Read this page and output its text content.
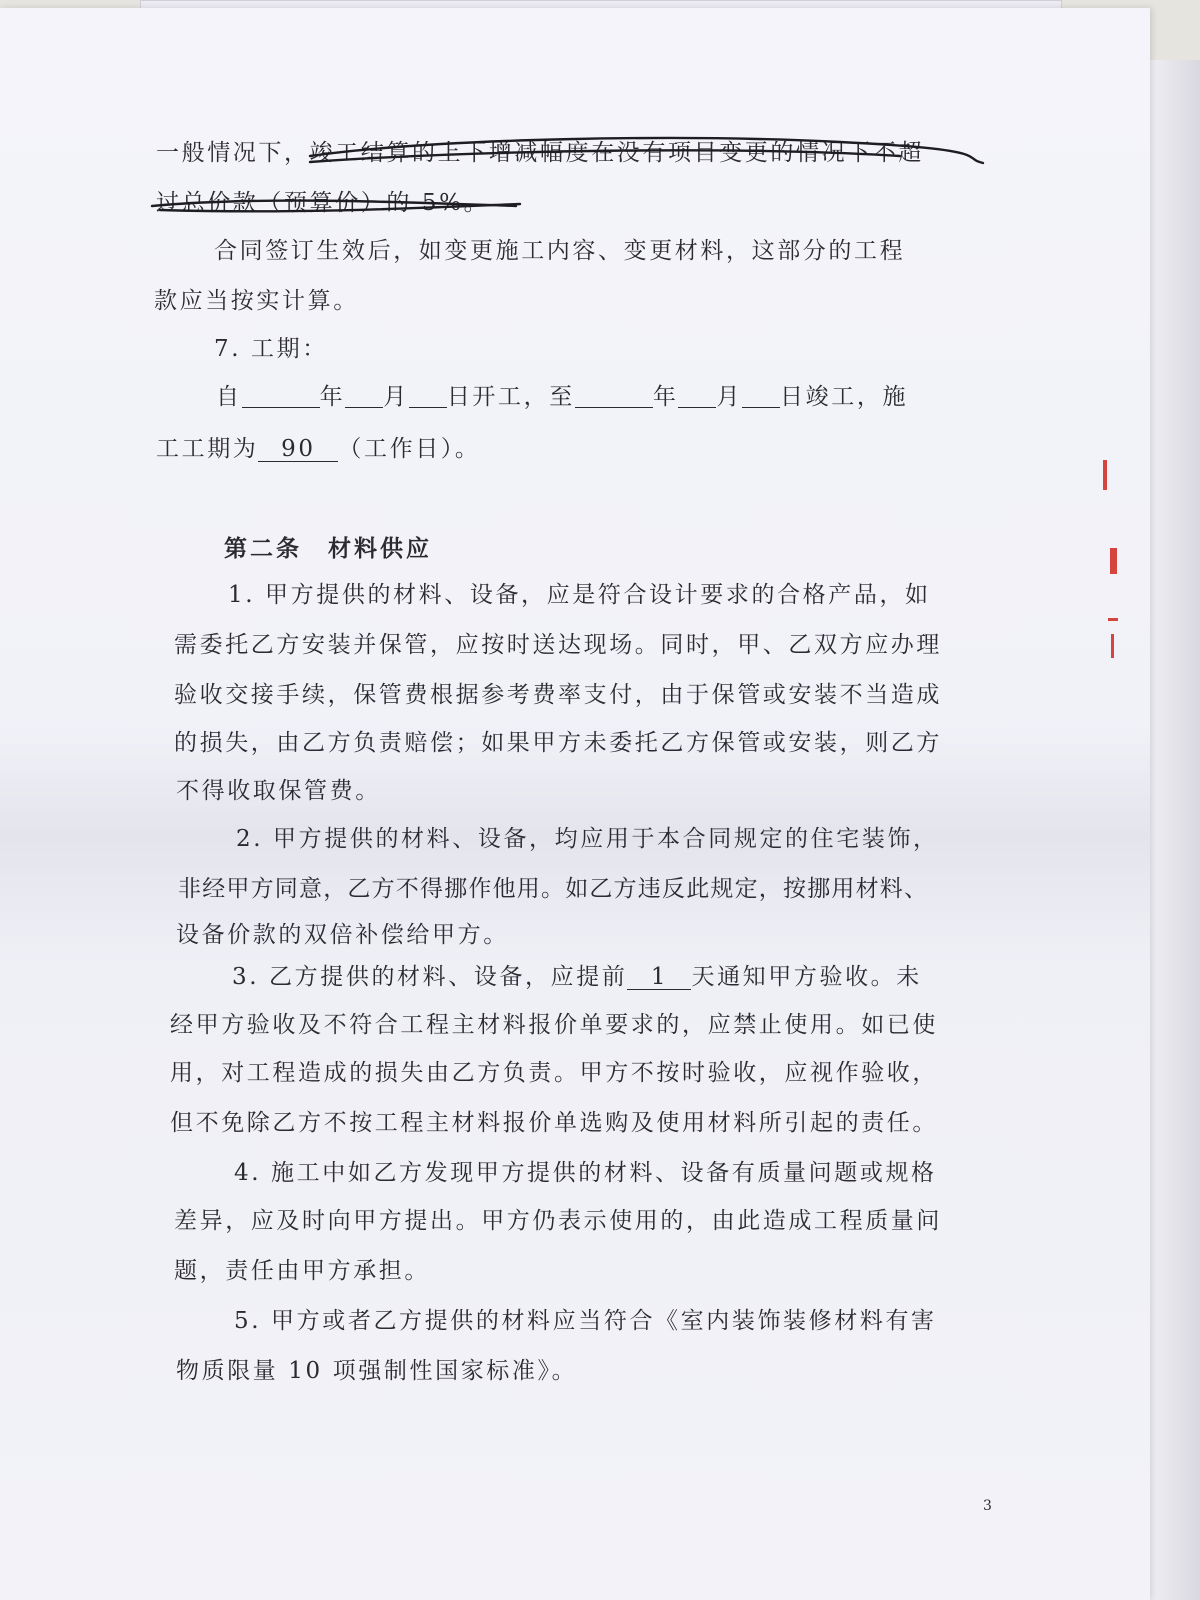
一般情况下，竣工结算的上下增减幅度在没有项目变更的情况下不超

过总价款（预算价）的 5%。

合同签订生效后，如变更施工内容、变更材料，这部分的工程

款应当按实计算。

7. 工期：

自	年 月 日开工，至	年 月 日竣工，施

工工期为 90 （工作日）。

第二条　材料供应

1. 甲方提供的材料、设备，应是符合设计要求的合格产品，如

需委托乙方安装并保管，应按时送达现场。同时，甲、乙双方应办理

验收交接手续，保管费根据参考费率支付，由于保管或安装不当造成

的损失，由乙方负责赔偿；如果甲方未委托乙方保管或安装，则乙方

不得收取保管费。

2. 甲方提供的材料、设备，均应用于本合同规定的住宅装饰，

非经甲方同意，乙方不得挪作他用。如乙方违反此规定，按挪用材料、

设备价款的双倍补偿给甲方。

3. 乙方提供的材料、设备，应提前 1 天通知甲方验收。未

经甲方验收及不符合工程主材料报价单要求的，应禁止使用。如已使

用，对工程造成的损失由乙方负责。甲方不按时验收，应视作验收，

但不免除乙方不按工程主材料报价单选购及使用材料所引起的责任。

4. 施工中如乙方发现甲方提供的材料、设备有质量问题或规格

差异，应及时向甲方提出。甲方仍表示使用的，由此造成工程质量问

题，责任由甲方承担。

5. 甲方或者乙方提供的材料应当符合《室内装饰装修材料有害

物质限量 10 项强制性国家标准》。

3
